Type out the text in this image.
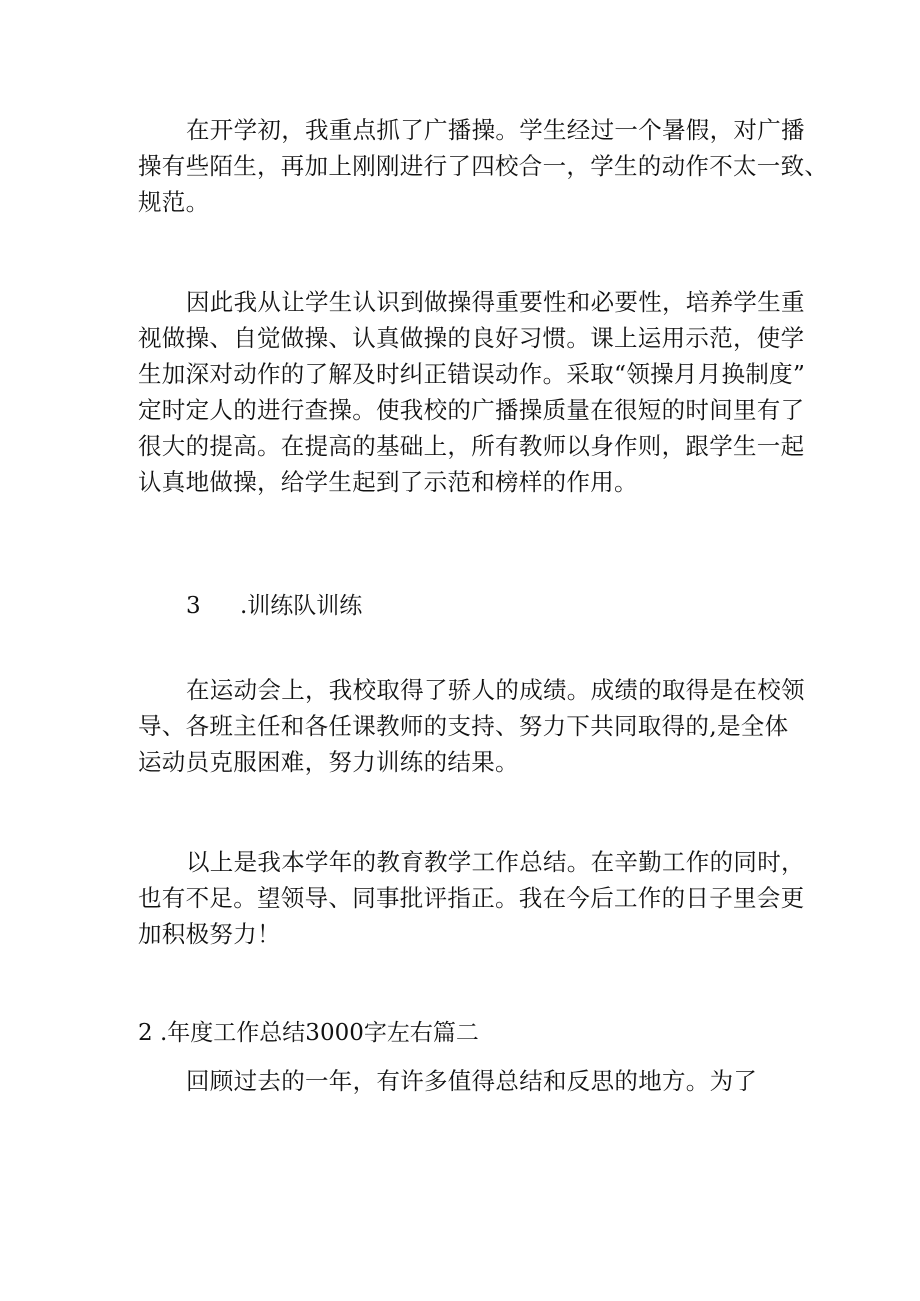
在开学初，我重点抓了广播操。学生经过一个暑假，对广播
操有些陌生，再加上刚刚进行了四校合一，学生的动作不太一致、
规范。

因此我从让学生认识到做操得重要性和必要性，培养学生重
视做操、自觉做操、认真做操的良好习惯。课上运用示范，使学
生加深对动作的了解及时纠正错误动作。采取“领操月月换制度”
定时定人的进行查操。使我校的广播操质量在很短的时间里有了
很大的提高。在提高的基础上，所有教师以身作则，跟学生一起
认真地做操，给学生起到了示范和榜样的作用。

3 .训练队训练

在运动会上，我校取得了骄人的成绩。成绩的取得是在校领
导、各班主任和各任课教师的支持、努力下共同取得的,是全体
运动员克服困难，努力训练的结果。

以上是我本学年的教育教学工作总结。在辛勤工作的同时，
也有不足。望领导、同事批评指正。我在今后工作的日子里会更
加积极努力！

2 .年度工作总结3000字左右篇二

回顾过去的一年，有许多值得总结和反思的地方。为了
